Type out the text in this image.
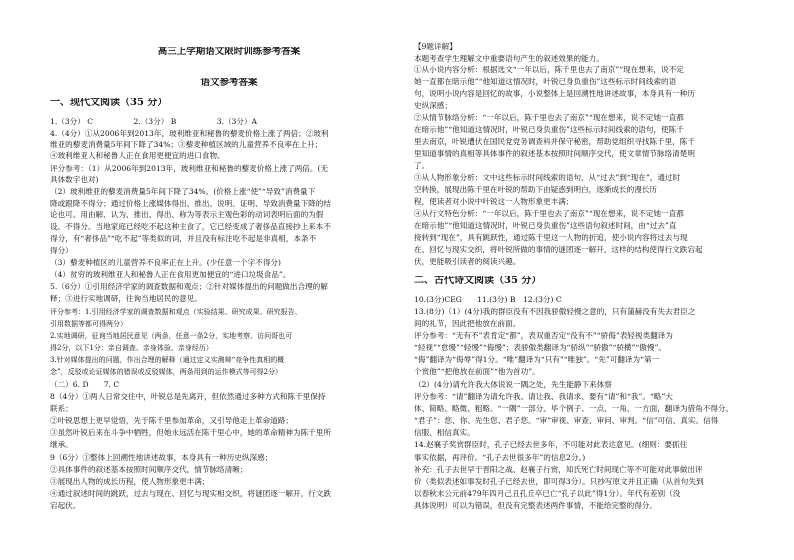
高三上学期语文限时训练参考答案
语文参考答案
一、现代文阅读（35 分）
1.（3分） C　　　　　 2.（3分） B　　　　　 3.（3分）A
4.（4分）①从2006年到2013年，玻利维亚和秘鲁的藜麦价格上涨了两倍；②玻利
维亚的藜麦消费量5年间下降了34%；③藜麦种植区域的儿童营养不良率在上升；
④玻利维亚人和秘鲁人正在食用更便宜的进口食物。
评分参考：（1）从2006年到2013年，玻利维亚和秘鲁的藜麦价格上涨了两倍。(无
具体数字也对)
（2）玻利维亚的藜麦消费量5年间下降了34%。(价格上涨“使”“导致”消费量下
降或跟降不得分；通过价格上涨媒体得出、推出、说明、证明、导致消费量下降的结
论也可。用由解、认为、推出、得出、称为等表示主观色彩的动词表明后面的为假
设，不得分。当地家庭已经吃不起这种主食了，它已经变成了奢侈品直接抄上来本不
得分，有“奢侈品”“吃不起”等类似的词，并且没有标注吃不起是非真相，本条不
得分）
（3）藜麦种植区的儿童营养不良率正在上升。(少任意一个字不得分)
（4）贫穷的玻利维亚人和秘鲁人正在食用更加便宜的“进口垃圾食品”。
5.（6分）①引用经济学家的调查数据和观点；②针对媒体提出的问题做出合理的解
释；③进行实地调研，往询当地居民的意见。
评分参考：1.引用经济学家的调查数据和观点（实验结果、研究成果、研究报告、
引用数据等都可得两分）
2.实地调研，征询当地居民意见（两条，任意一条2分，实地考察、访问哥也可
得2分，以下1分：亲自调查、亲身体验、亲身经历）
3.针对媒体提出的问题，作出合理的解释（通过定义实测辩“竞争性真相的概
念”，反驳或论证媒体的错误或反驳媒体，两条用到的运作模式等可得2分）
（二）6. D　　7. C
8（4分）①两人日常交往中，叶锐总是先离开，但依然通过多种方式和陈千里保持
联系；
②叶锐思想上更早觉悟，先于陈千里参加革命，又引导他走上革命道路；
③虽然叶锐后来在斗争中牺牲，但她永远活在陈千里心中，她的革命精神为陈千里所
继承。
9（6分）①整体上回溯性地讲述故事，本身具有一种历史纵深感；
②具体事件的叙述基本按照时间顺序交代，情节脉络清晰；
③展现出人物的成长历程，使人物形象更丰满；
④通过叙述时间的跳跃，过去与现在、回忆与现实相交织，将谜团逐一解开，行文跌
宕起伏。
【9题详解】
本题考查学生理解文中重要语句产生的叙述效果的能力。
①从小说内容分析：根据选文“一年以后，陈千里也去了南京”“现在想来，说不定
她一直都在暗示他”“他知道这情况时，叶锐已身负重伤”这些标示时间线索的语
句，说明小说内容是回忆的故事，小说整体上是回溯性地讲述故事，本身具有一种历
史纵深感；
②从情节脉络分析：“一年以后，陈千里也去了南京”“现在想来，说不定她一直都
在暗示他”“他知道这情况时，叶锐已身负重伤”这些标示时间线索的语句，使陈千
里去南京，叶锐遭伏在国民党党务调查科并保守秘密，帮助党组织寻找陈千里，陈千
里知道事情的真相等具体事件的叙述基本按照时间顺序交代，使文章情节脉络清楚明
了。
③从人物形象分析：文中这些标示时间线索的语句，从“过去”到“现在”，通过时
空转换，展现出陈千里在叶锐的帮助下由疑惑到明白，逐渐成长的漫长历
程，使读者对小说中叶锐这一人物形象更丰满；
④从行文特色分析：“一年以后，陈千里也去了南京”“现在想来，说不定她一直都
在暗示他”“他知道这情况时，叶锐已身负重伤”这些语句叙述时间，由“过去”直
接转到“现在”，具有跳跃性，通过陈千里这一人物的折追，使小说内容将过去与现
在、回忆与现实交织，将叶锐所做的事情的谜团逐一解开，这样的结构使得行文跌宕起
伏，更能吸引读者的阅读兴趣。
二、古代诗文阅读（35 分）
10.(3分)CEG　　11.(3分) B　12.(3分) C
13.(8分)（1）(4分)我的群臣没有不因我骄傲轻慢之意的，只有蒲赫没有失去君臣之
间的礼节，因此把他放在前面。
评分参考：“无有不”表肯定“都”，表双重否定“没有不”“骄侮”表轻视类翻译为
“轻视”“怠慢”“轻慢”“侮慢”；表骄傲类翻译为“骄纵”“骄傲”“骄横”“傲慢”。
“侮”翻译为“侮辱”得1分。“唯”翻译为“只有”“唯独”。“先”可翻译为“第一
个赏他”“把他放在前面”“他为首功”。
（2）(4分)请允许我大体说说一隅之处，先生能静下来体察
评分参考：“请”翻译为请允许我、请让我、我请求、要有“请”和“我”。“略”大
体、简略、略微、粗略。“一隅”一部分、毕个例子、一点、一角、一方面，翻译为借角不得分。
“君子”：您、你、先生您、君子您。“审”审视、审查、审问、审判。“信”可信、真实。信得
信服、相信真实。
14.赵襄子奖赏群臣时，孔子已经去世多年，不可能对此表达意见。(细则：要抓住
事实依据，再评价。“孔子去世很多年”的信息2分。)
补充：孔子去世早于晋阳之战、赵襄子行赏，知氏死亡时间现亡等不可能对此事做出评
价（类似表述如事发时孔子已经去世，即可得3分）。只抄写原文并且正确（从首句失到
以春秋末公元前479年四月己丑孔丘卒已亡“孔子以此”得1分）。年代有差别（没
具体说明）可以为错误，但没有完整表述两件事情，不能给完整的得分。
